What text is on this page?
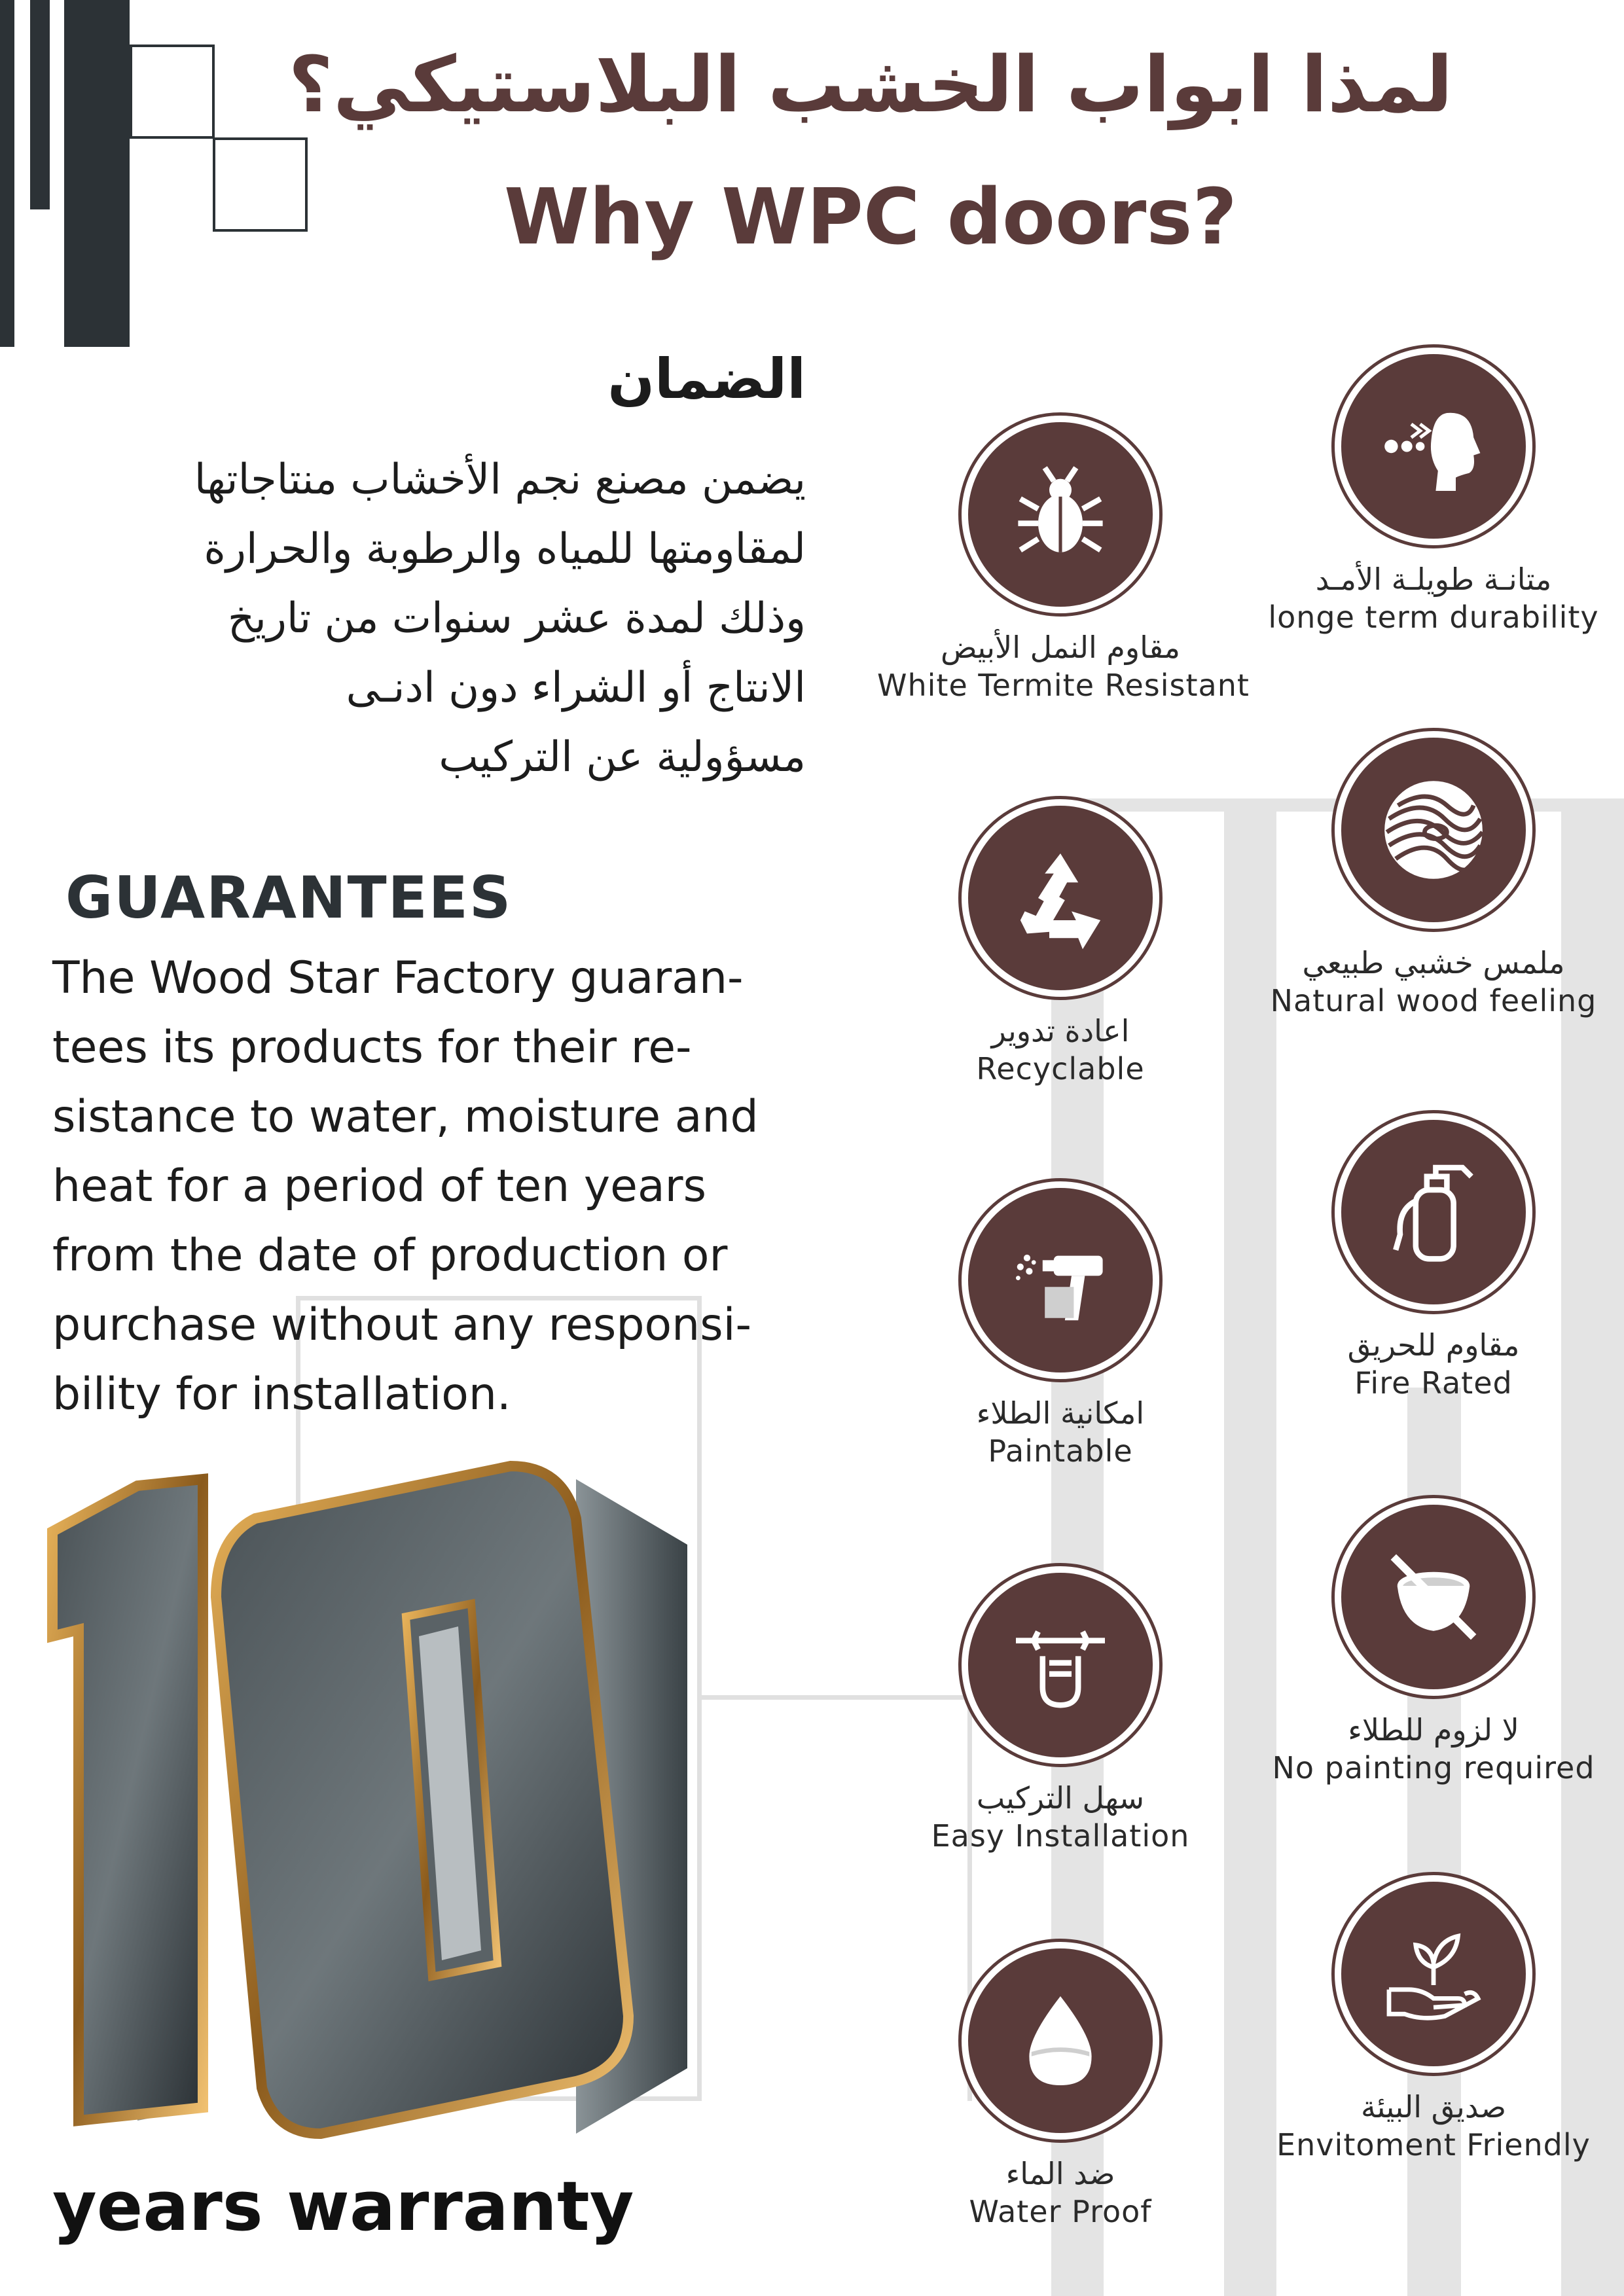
لمذا ابواب الخشب البلاستيكي؟
Why WPC doors?
الضمان
يضمن مصنع نجم الأخشاب منتاجاتها
لمقاومتها للمياه والرطوبة والحرارة
وذلك لمدة عشر سنوات من تاريخ
الانتاج أو الشراء دون ادنـى
مسؤولية عن التركيب
GUARANTEES
The Wood Star Factory guaran-
tees its products for their re-
sistance to water, moisture and
heat for a period of ten years
from the date of production or
purchase without any responsi-
bility for installation.
years warranty
متانـة طويلـة الأمـد
longe term durability
مقاوم النمل الأبيض
White Termite Resistant
ملمس خشبي طبيعي
Natural wood feeling
اعادة تدوير
Recyclable
مقاوم للحريق
Fire Rated
امكانية الطلاء
Paintable
لا لزوم للطلاء
No painting required
سهل التركيب
Easy Installation
صديق البيئة
Envitoment Friendly
ضد الماء
Water Proof
